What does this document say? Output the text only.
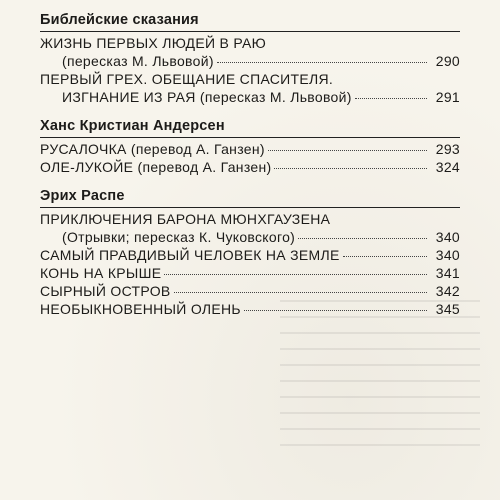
Библейские сказания
ЖИЗНЬ ПЕРВЫХ ЛЮДЕЙ В РАЮ
(пересказ М. Львовой)	290
ПЕРВЫЙ ГРЕХ. ОБЕЩАНИЕ СПАСИТЕЛЯ.
ИЗГНАНИЕ ИЗ РАЯ (пересказ М. Львовой)	291
Ханс Кристиан Андерсен
РУСАЛОЧКА (перевод А. Ганзен)	293
ОЛЕ-ЛУКОЙЕ (перевод А. Ганзен)	324
Эрих Распе
ПРИКЛЮЧЕНИЯ БАРОНА МЮНХГАУЗЕНА
(Отрывки; пересказ К. Чуковского)	340
САМЫЙ ПРАВДИВЫЙ ЧЕЛОВЕК НА ЗЕМЛЕ	340
КОНЬ НА КРЫШЕ	341
СЫРНЫЙ ОСТРОВ	342
НЕОБЫКНОВЕННЫЙ ОЛЕНЬ	345
